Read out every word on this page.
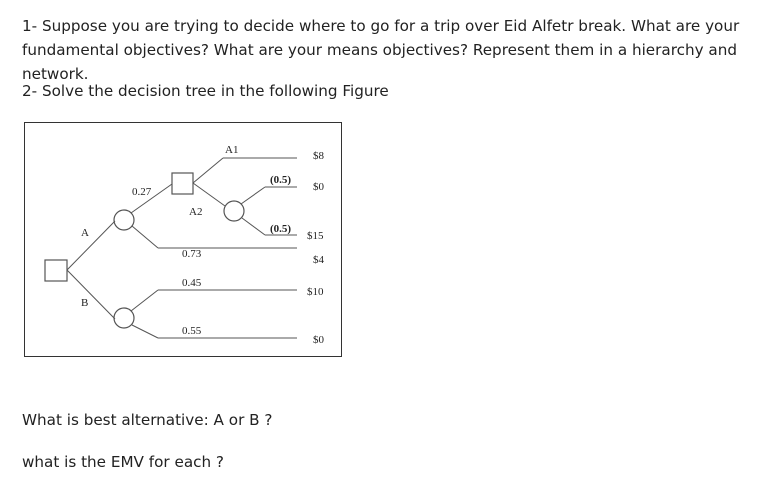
1- Suppose you are trying to decide where to go for a trip over Eid Alfetr break. What are your fundamental objectives? What are your means objectives? Represent them in a hierarchy and network.

2- Solve the decision tree in the following Figure

A
B
A1
A2
0.27
0.73
0.45
0.55
(0.5)
(0.5)
$8
$0
$15
$4
$10
$0

What is best alternative: A or B ?

what is the EMV for each ?
